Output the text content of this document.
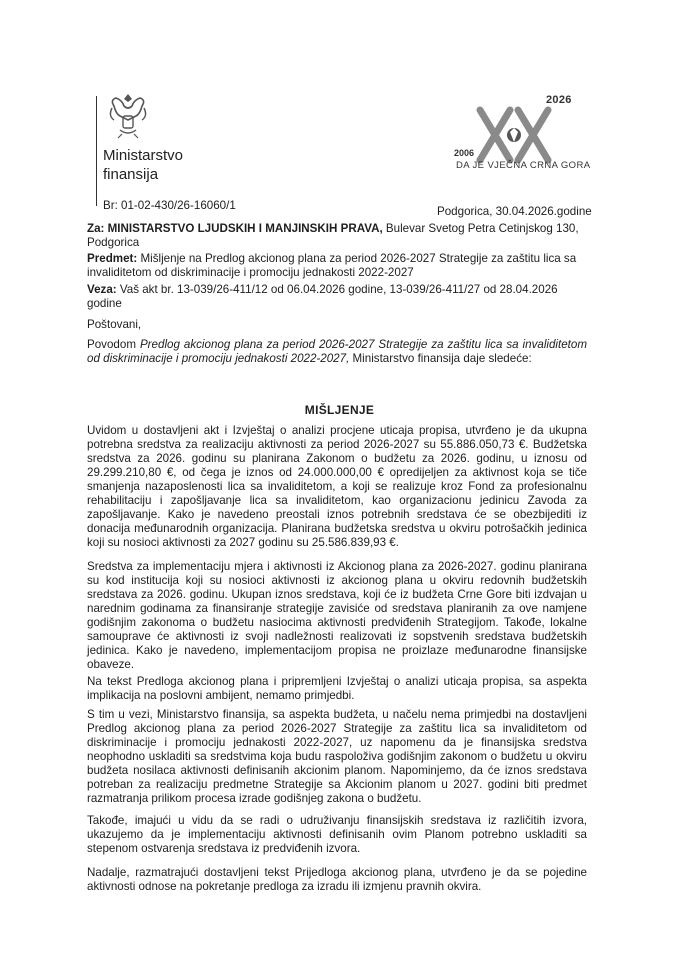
Ministarstvo
finansija
2026
2006
DA JE VJEČNA CRNA GORA
Br: 01-02-430/26-16060/1	Podgorica, 30.04.2026.godine
Za: MINISTARSTVO LJUDSKIH I MANJINSKIH PRAVA, Bulevar Svetog Petra Cetinjskog 130, Podgorica
Predmet: Mišljenje na Predlog akcionog plana za period 2026-2027 Strategije za zaštitu lica sa invaliditetom od diskriminacije i promociju jednakosti 2022-2027
Veza: Vaš akt br. 13-039/26-411/12 od 06.04.2026 godine, 13-039/26-411/27 od 28.04.2026 godine
Poštovani,
Povodom Predlog akcionog plana za period 2026-2027 Strategije za zaštitu lica sa invaliditetom od diskriminacije i promociju jednakosti 2022-2027, Ministarstvo finansija daje sledeće:
MIŠLJENJE
Uvidom u dostavljeni akt i Izvještaj o analizi procjene uticaja propisa, utvrđeno je da ukupna potrebna sredstva za realizaciju aktivnosti za period 2026-2027 su 55.886.050,73 €. Budžetska sredstva za 2026. godinu su planirana Zakonom o budžetu za 2026. godinu, u iznosu od 29.299.210,80 €, od čega je iznos od 24.000.000,00 € opredijeljen za aktivnost koja se tiče smanjenja nazaposlenosti lica sa invaliditetom, a koji se realizuje kroz Fond za profesionalnu rehabilitaciju i zapošljavanje lica sa invaliditetom, kao organizacionu jedinicu Zavoda za zapošljavanje. Kako je navedeno preostali iznos potrebnih sredstava će se obezbijediti iz donacija međunarodnih organizacija. Planirana budžetska sredstva u okviru potrošačkih jedinica koji su nosioci aktivnosti za 2027 godinu su 25.586.839,93 €.
Sredstva za implementaciju mjera i aktivnosti iz Akcionog plana za 2026-2027. godinu planirana su kod institucija koji su nosioci aktivnosti iz akcionog plana u okviru redovnih budžetskih sredstava za 2026. godinu. Ukupan iznos sredstava, koji će iz budžeta Crne Gore biti izdvajan u narednim godinama za finansiranje strategije zavisiće od sredstava planiranih za ove namjene godišnjim zakonoma o budžetu nasiocima aktivnosti predviđenih Strategijom. Takođe, lokalne samouprave će aktivnosti iz svoji nadležnosti realizovati iz sopstvenih sredstava budžetskih jedinica. Kako je navedeno, implementacijom propisa ne proizlaze međunarodne finansijske obaveze.
Na tekst Predloga akcionog plana i pripremljeni Izvještaj o analizi uticaja propisa, sa aspekta implikacija na poslovni ambijent, nemamo primjedbi.
S tim u vezi, Ministarstvo finansija, sa aspekta budžeta, u načelu nema primjedbi na dostavljeni Predlog akcionog plana za period 2026-2027 Strategije za zaštitu lica sa invaliditetom od diskriminacije i promociju jednakosti 2022-2027, uz napomenu da je finansijska sredstva neophodno uskladiti sa sredstvima koja budu raspoloživa godišnjim zakonom o budžetu u okviru budžeta nosilaca aktivnosti definisanih akcionim planom. Napominjemo, da će iznos sredstava potreban za realizaciju predmetne Strategije sa Akcionim planom u 2027. godini biti predmet razmatranja prilikom procesa izrade godišnjeg zakona o budžetu.
Takođe, imajući u vidu da se radi o udruživanju finansijskih sredstava iz različitih izvora, ukazujemo da je implementaciju aktivnosti definisanih ovim Planom potrebno uskladiti sa stepenom ostvarenja sredstava iz predviđenih izvora.
Nadalje, razmatrajući dostavljeni tekst Prijedloga akcionog plana, utvrđeno je da se pojedine aktivnosti odnose na pokretanje predloga za izradu ili izmjenu pravnih okvira.
